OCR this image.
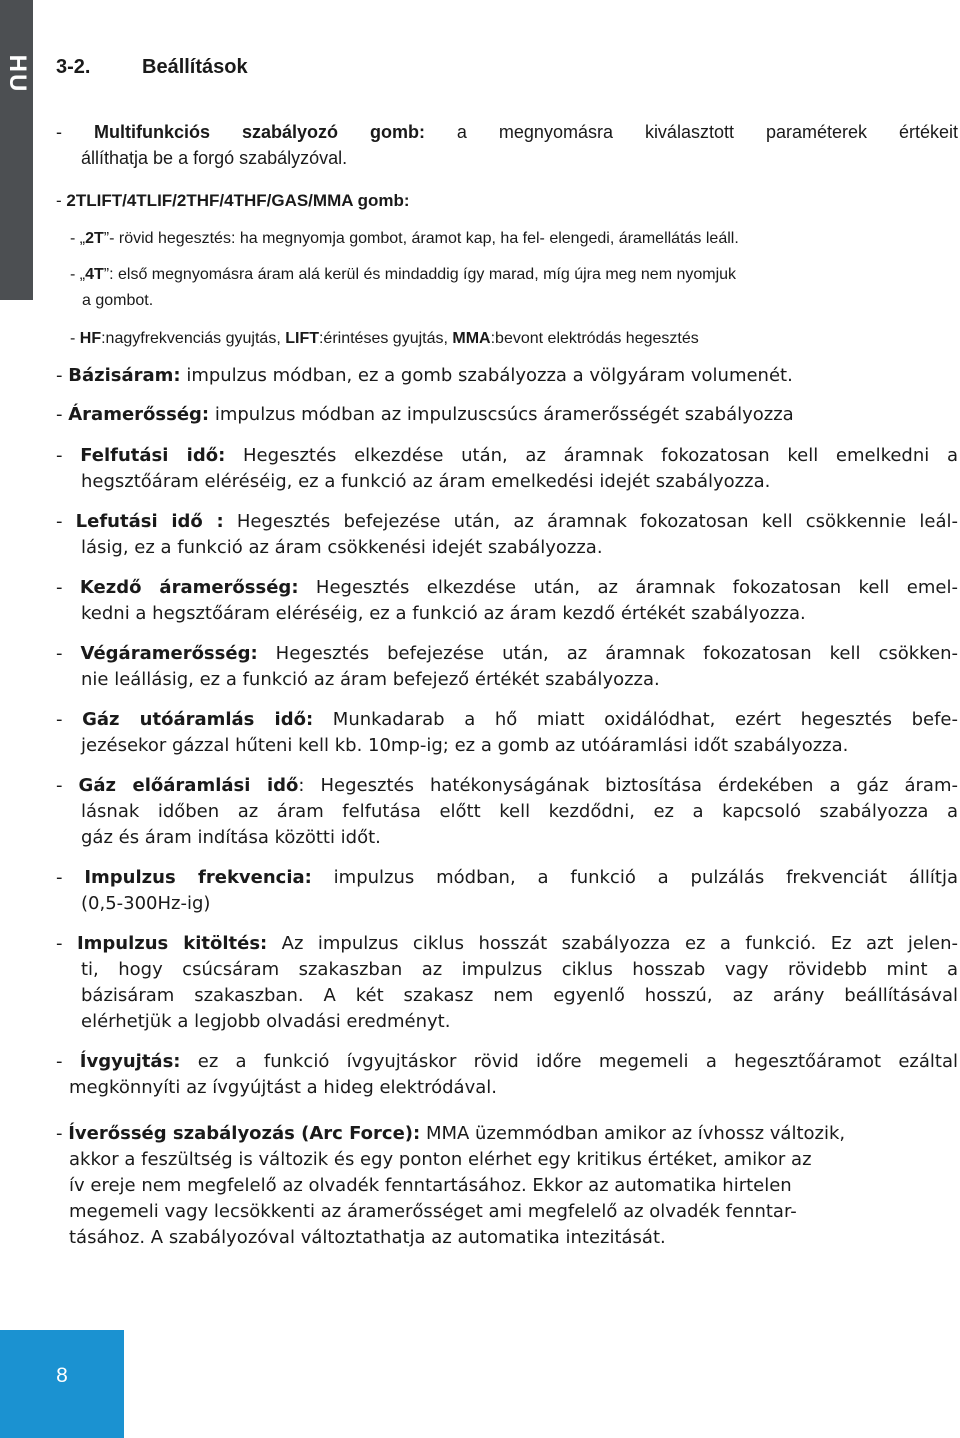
HU 3-2.	Beállítások
- Multifunkciós szabályozó gomb: a megnyomásra kiválasztott paraméterek értékeit
állíthatja be a forgó szabályzóval.
- 2TLIFT/4TLIF/2THF/4THF/GAS/MMA gomb:
- „2T”- rövid hegesztés: ha megnyomja gombot, áramot kap, ha fel- elengedi, áramellátás leáll.
- „4T”: első megnyomásra áram alá kerül és mindaddig így marad, míg újra meg nem nyomjuk
a gombot.
- HF:nagyfrekvenciás gyujtás, LIFT:érintéses gyujtás, MMA:bevont elektródás hegesztés
- Bázisáram: impulzus módban, ez a gomb szabályozza a völgyáram volumenét.
- Áramerősség: impulzus módban az impulzuscsúcs áramerősségét szabályozza
- Felfutási idő: Hegesztés elkezdése után, az áramnak fokozatosan kell emelkedni a
hegsztőáram eléréséig, ez a funkció az áram emelkedési idejét szabályozza.
- Lefutási idő : Hegesztés befejezése után, az áramnak fokozatosan kell csökkennie leál-
lásig, ez a funkció az áram csökkenési idejét szabályozza.
- Kezdő áramerősség: Hegesztés elkezdése után, az áramnak fokozatosan kell emel-
kedni a hegsztőáram eléréséig, ez a funkció az áram kezdő értékét szabályozza.
- Végáramerősség: Hegesztés befejezése után, az áramnak fokozatosan kell csökken-
nie leállásig, ez a funkció az áram befejező értékét szabályozza.
- Gáz utóáramlás idő: Munkadarab a hő miatt oxidálódhat, ezért hegesztés befe-
jezésekor gázzal hűteni kell kb. 10mp-ig; ez a gomb az utóáramlási időt szabályozza.
- Gáz előáramlási idő: Hegesztés hatékonyságának biztosítása érdekében a gáz áram-
lásnak időben az áram felfutása előtt kell kezdődni, ez a kapcsoló szabályozza a
gáz és áram indítása közötti időt.
- Impulzus frekvencia: impulzus módban, a funkció a pulzálás frekvenciát állítja
(0,5-300Hz-ig)
- Impulzus kitöltés: Az impulzus ciklus hosszát szabályozza ez a funkció. Ez azt jelen-
ti, hogy csúcsáram szakaszban az impulzus ciklus hosszab vagy rövidebb mint a
bázisáram szakaszban. A két szakasz nem egyenlő hosszú, az arány beállításával
elérhetjük a legjobb olvadási eredményt.
- Ívgyujtás: ez a funkció ívgyujtáskor rövid időre megemeli a hegesztőáramot ezáltal
megkönnyíti az ívgyújtást a hideg elektródával.
- Íverősség szabályozás (Arc Force): MMA üzemmódban amikor az ívhossz változik,
akkor a feszültség is változik és egy ponton elérhet egy kritikus értéket, amikor az
ív ereje nem megfelelő az olvadék fenntartásához. Ekkor az automatika hirtelen
megemeli vagy lecsökkenti az áramerősséget ami megfelelő az olvadék fenntar-
tásához. A szabályozóval változtathatja az automatika intezitását.
8
